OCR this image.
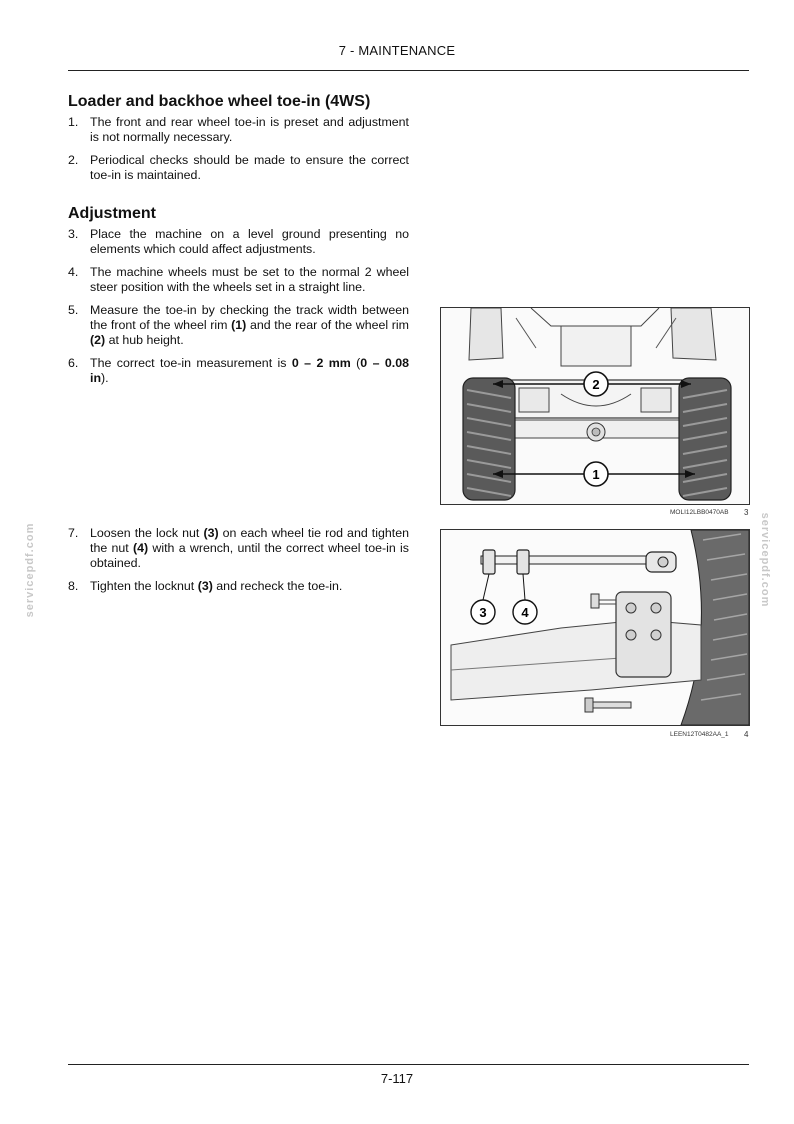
7 - MAINTENANCE
Loader and backhoe wheel toe-in (4WS)
1. The front and rear wheel toe-in is preset and adjustment is not normally necessary.
2. Periodical checks should be made to ensure the correct toe-in is maintained.
Adjustment
3. Place the machine on a level ground presenting no elements which could affect adjustments.
4. The machine wheels must be set to the normal 2 wheel steer position with the wheels set in a straight line.
5. Measure the toe-in by checking the track width between the front of the wheel rim (1) and the rear of the wheel rim (2) at hub height.
6. The correct toe-in measurement is 0 – 2 mm (0 – 0.08 in).
7. Loosen the lock nut (3) on each wheel tie rod and tighten the nut (4) with a wrench, until the correct wheel toe-in is obtained.
8. Tighten the locknut (3) and recheck the toe-in.
2
1
MOLI12LBB0470AB 3
3	4
LEEN12T0482AA_1 4
servicepdf.com	servicepdf.com
7-117
